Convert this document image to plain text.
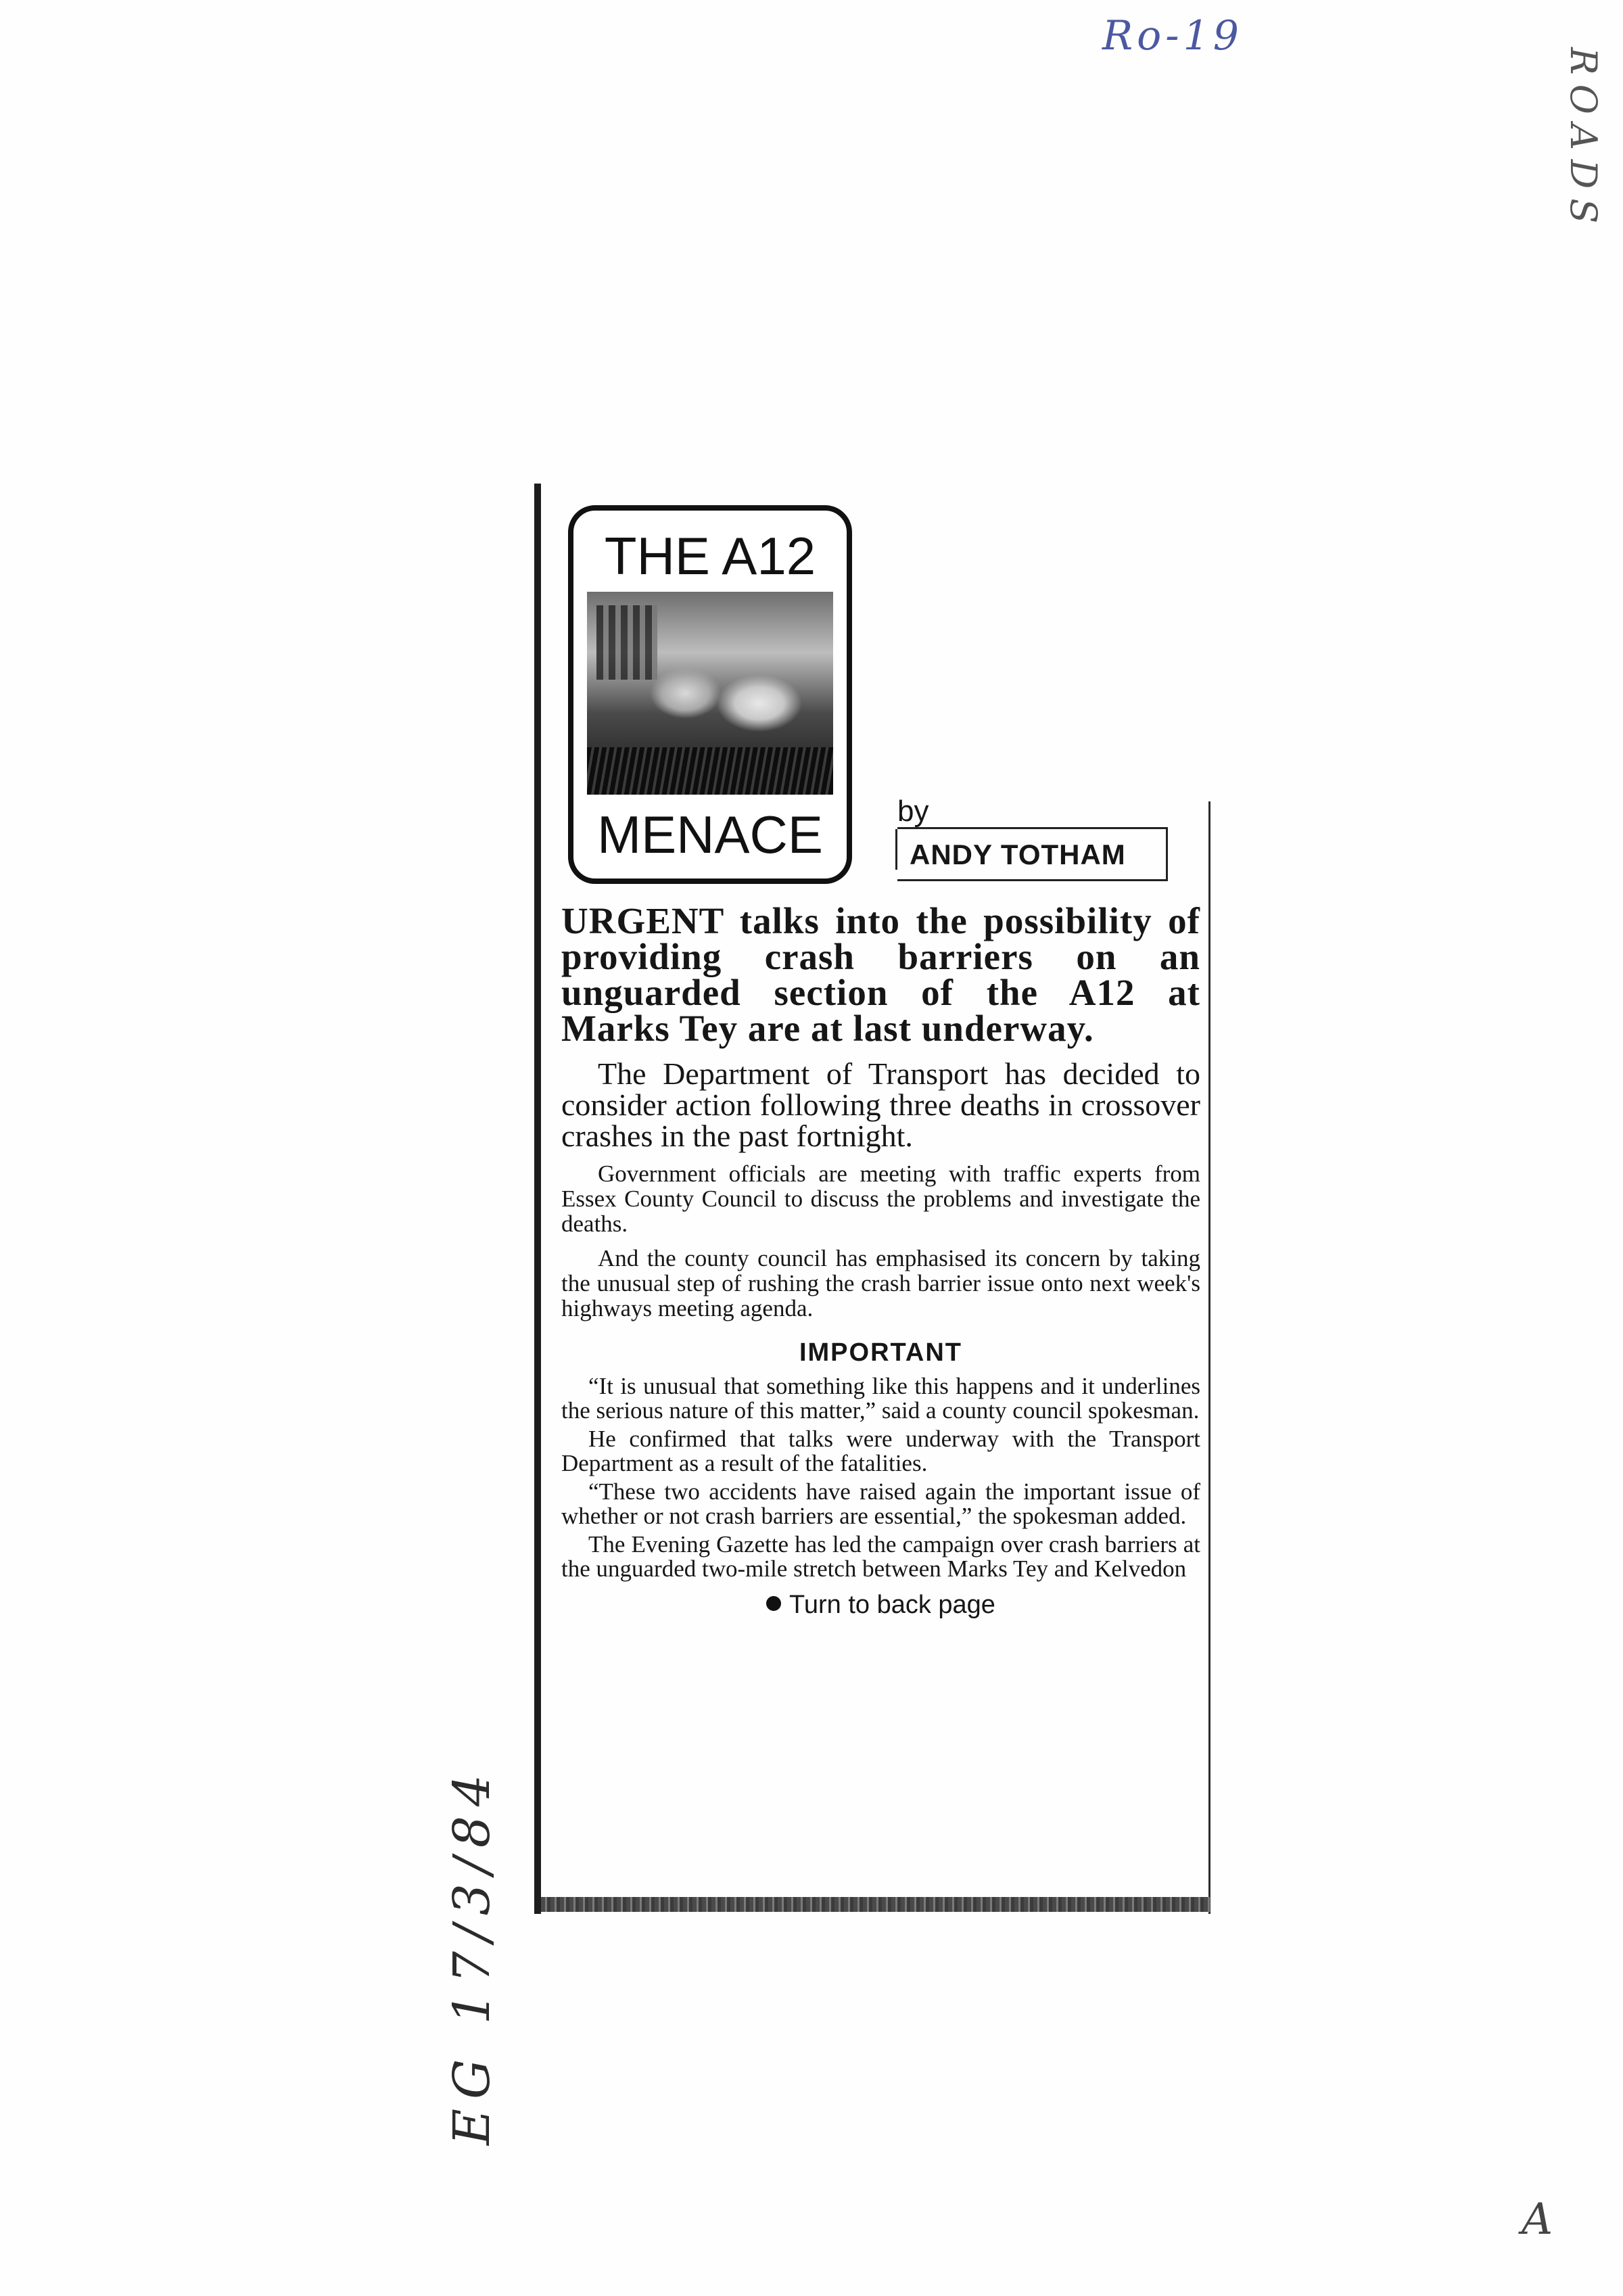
Ro-19
ROADS
EG 17/3/84
A
THE A12
MENACE	by
ANDY TOTHAM

URGENT talks into the possibility of providing crash barriers on an unguarded section of the A12 at Marks Tey are at last underway.

The Department of Transport has decided to consider action following three deaths in crossover crashes in the past fortnight.

Government officials are meeting with traffic experts from Essex County Council to discuss the problems and investigate the deaths.

And the county council has emphasised its concern by taking the unusual step of rushing the crash barrier issue onto next week's highways meeting agenda.

IMPORTANT

“It is unusual that something like this happens and it underlines the serious nature of this matter,” said a county council spokesman.

He confirmed that talks were underway with the Transport Department as a result of the fatalities.

“These two accidents have raised again the important issue of whether or not crash barriers are essential,” the spokesman added.

The Evening Gazette has led the campaign over crash barriers at the unguarded two-mile stretch between Marks Tey and Kelvedon

Turn to back page
